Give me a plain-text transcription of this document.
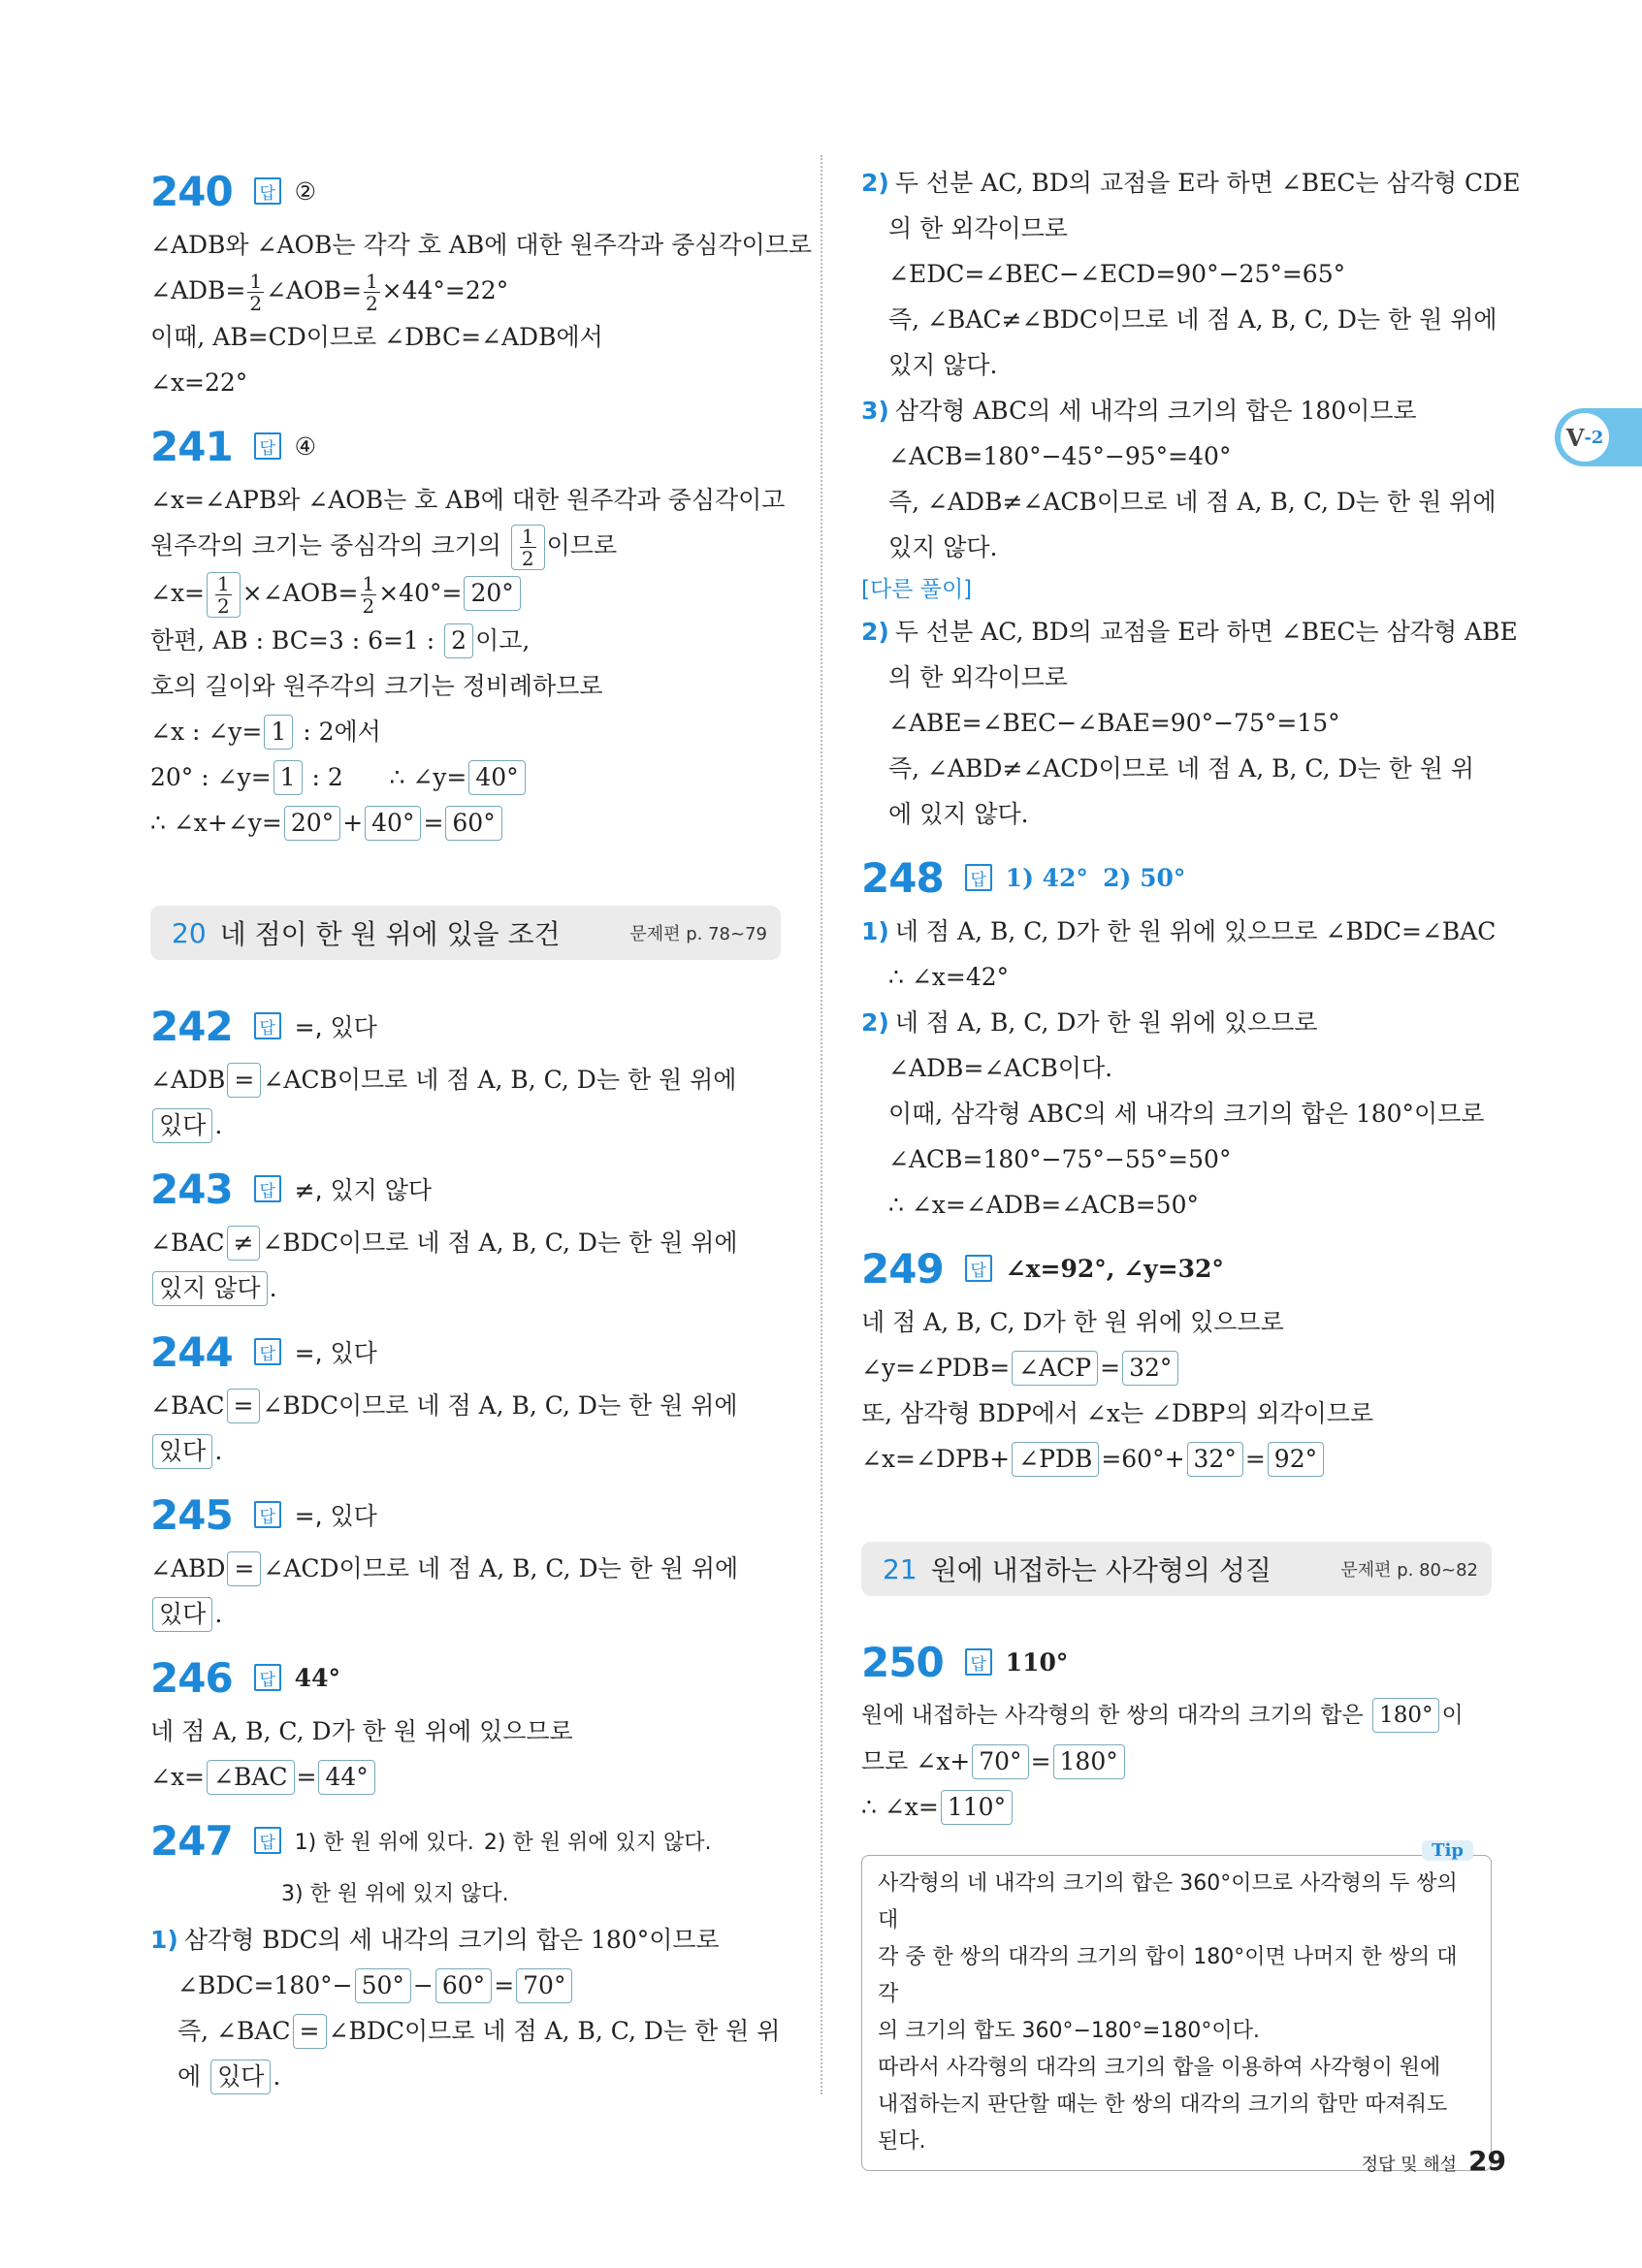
V -2
240	답 ②
∠ADB와 ∠AOB는 각각 호 AB에 대한 원주각과 중심각이므로
∠ADB= $\frac{1}{2}$ ∠AOB= $\frac{1}{2} \times 44^\circ=22^\circ$
이때, AB=CD이므로 ∠DBC=∠ADB에서
∠x=22°
241	답 ④
∠x=∠APB와 ∠AOB는 호 AB에 대한 원주각과 중심각이고
원주각의 크기는 중심각의 크기의 $\frac{1}{2}$ 이므로
∠x= $\frac{1}{2}$ ×∠AOB= $\frac{1}{2} \times 40^\circ= 20^\circ$
한편, AB : BC=3 : 6=1 : 2 이고,
호의 길이와 원주각의 크기는 정비례하므로
∠x : ∠y= 1 : 2에서
20° : ∠y= 1 : 2 ∴ ∠y= 40°
∴ ∠x+∠y= 20° + 40° = 60°
20 네 점이 한 원 위에 있을 조건	문제편 p. 78~79
242	답 =, 있다
∠ADB = ∠ACB이므로 네 점 A, B, C, D는 한 원 위에
있다 .
243	답 ≠, 있지 않다
∠BAC ≠ ∠BDC이므로 네 점 A, B, C, D는 한 원 위에
있지 않다 .
244	답 =, 있다
∠BAC = ∠BDC이므로 네 점 A, B, C, D는 한 원 위에
있다 .
245	답 =, 있다
∠ABD = ∠ACD이므로 네 점 A, B, C, D는 한 원 위에
있다 .
246	답 44°
네 점 A, B, C, D가 한 원 위에 있으므로
∠x= ∠BAC = 44°
247	답 1) 한 원 위에 있다.
2) 한 원 위에 있지 않다.
3) 한 원 위에 있지 않다.
1) 삼각형 BDC의 세 내각의 크기의 합은 180°이므로
∠BDC=180°− 50° − 60° = 70°
즉, ∠BAC = ∠BDC이므로 네 점 A, B, C, D는 한 원 위
에 있다 .
2) 두 선분 AC, BD의 교점을 E라 하면 ∠BEC는 삼각형 CDE
의 한 외각이므로
∠EDC=∠BEC−∠ECD=90°−25°=65°
즉, ∠BAC≠∠BDC이므로 네 점 A, B, C, D는 한 원 위에
있지 않다.
3) 삼각형 ABC의 세 내각의 크기의 합은 180이므로
∠ACB=180°−45°−95°=40°
즉, ∠ADB≠∠ACB이므로 네 점 A, B, C, D는 한 원 위에
있지 않다.
[다른 풀이]
2) 두 선분 AC, BD의 교점을 E라 하면 ∠BEC는 삼각형 ABE
의 한 외각이므로
∠ABE=∠BEC−∠BAE=90°−75°=15°
즉, ∠ABD≠∠ACD이므로 네 점 A, B, C, D는 한 원 위
에 있지 않다.
248	답 1) 42°
2) 50°
1) 네 점 A, B, C, D가 한 원 위에 있으므로 ∠BDC=∠BAC
∴ ∠x=42°
2) 네 점 A, B, C, D가 한 원 위에 있으므로
∠ADB=∠ACB이다.
이때, 삼각형 ABC의 세 내각의 크기의 합은 180°이므로
∠ACB=180°−75°−55°=50°
∴ ∠x=∠ADB=∠ACB=50°
249	답 ∠x=92°, ∠y=32°
네 점 A, B, C, D가 한 원 위에 있으므로
∠y=∠PDB= ∠ACP = 32°
또, 삼각형 BDP에서 ∠x는 ∠DBP의 외각이므로
∠x=∠DPB+ ∠PDB =60°+ 32° = 92°
21 원에 내접하는 사각형의 성질	문제편 p. 80~82
250	답 110°
원에 내접하는 사각형의 한 쌍의 대각의 크기의 합은 180° 이
므로 ∠x+ 70° = 180°
∴ ∠x= 110°
Tip
사각형의 네 내각의 크기의 합은 360°이므로 사각형의 두 쌍의 대
각 중 한 쌍의 대각의 크기의 합이 180°이면 나머지 한 쌍의 대각
의 크기의 합도 360°−180°=180°이다.
따라서 사각형의 대각의 크기의 합을 이용하여 사각형이 원에
내접하는지 판단할 때는 한 쌍의 대각의 크기의 합만 따져줘도
된다.
정답 및 해설 29
